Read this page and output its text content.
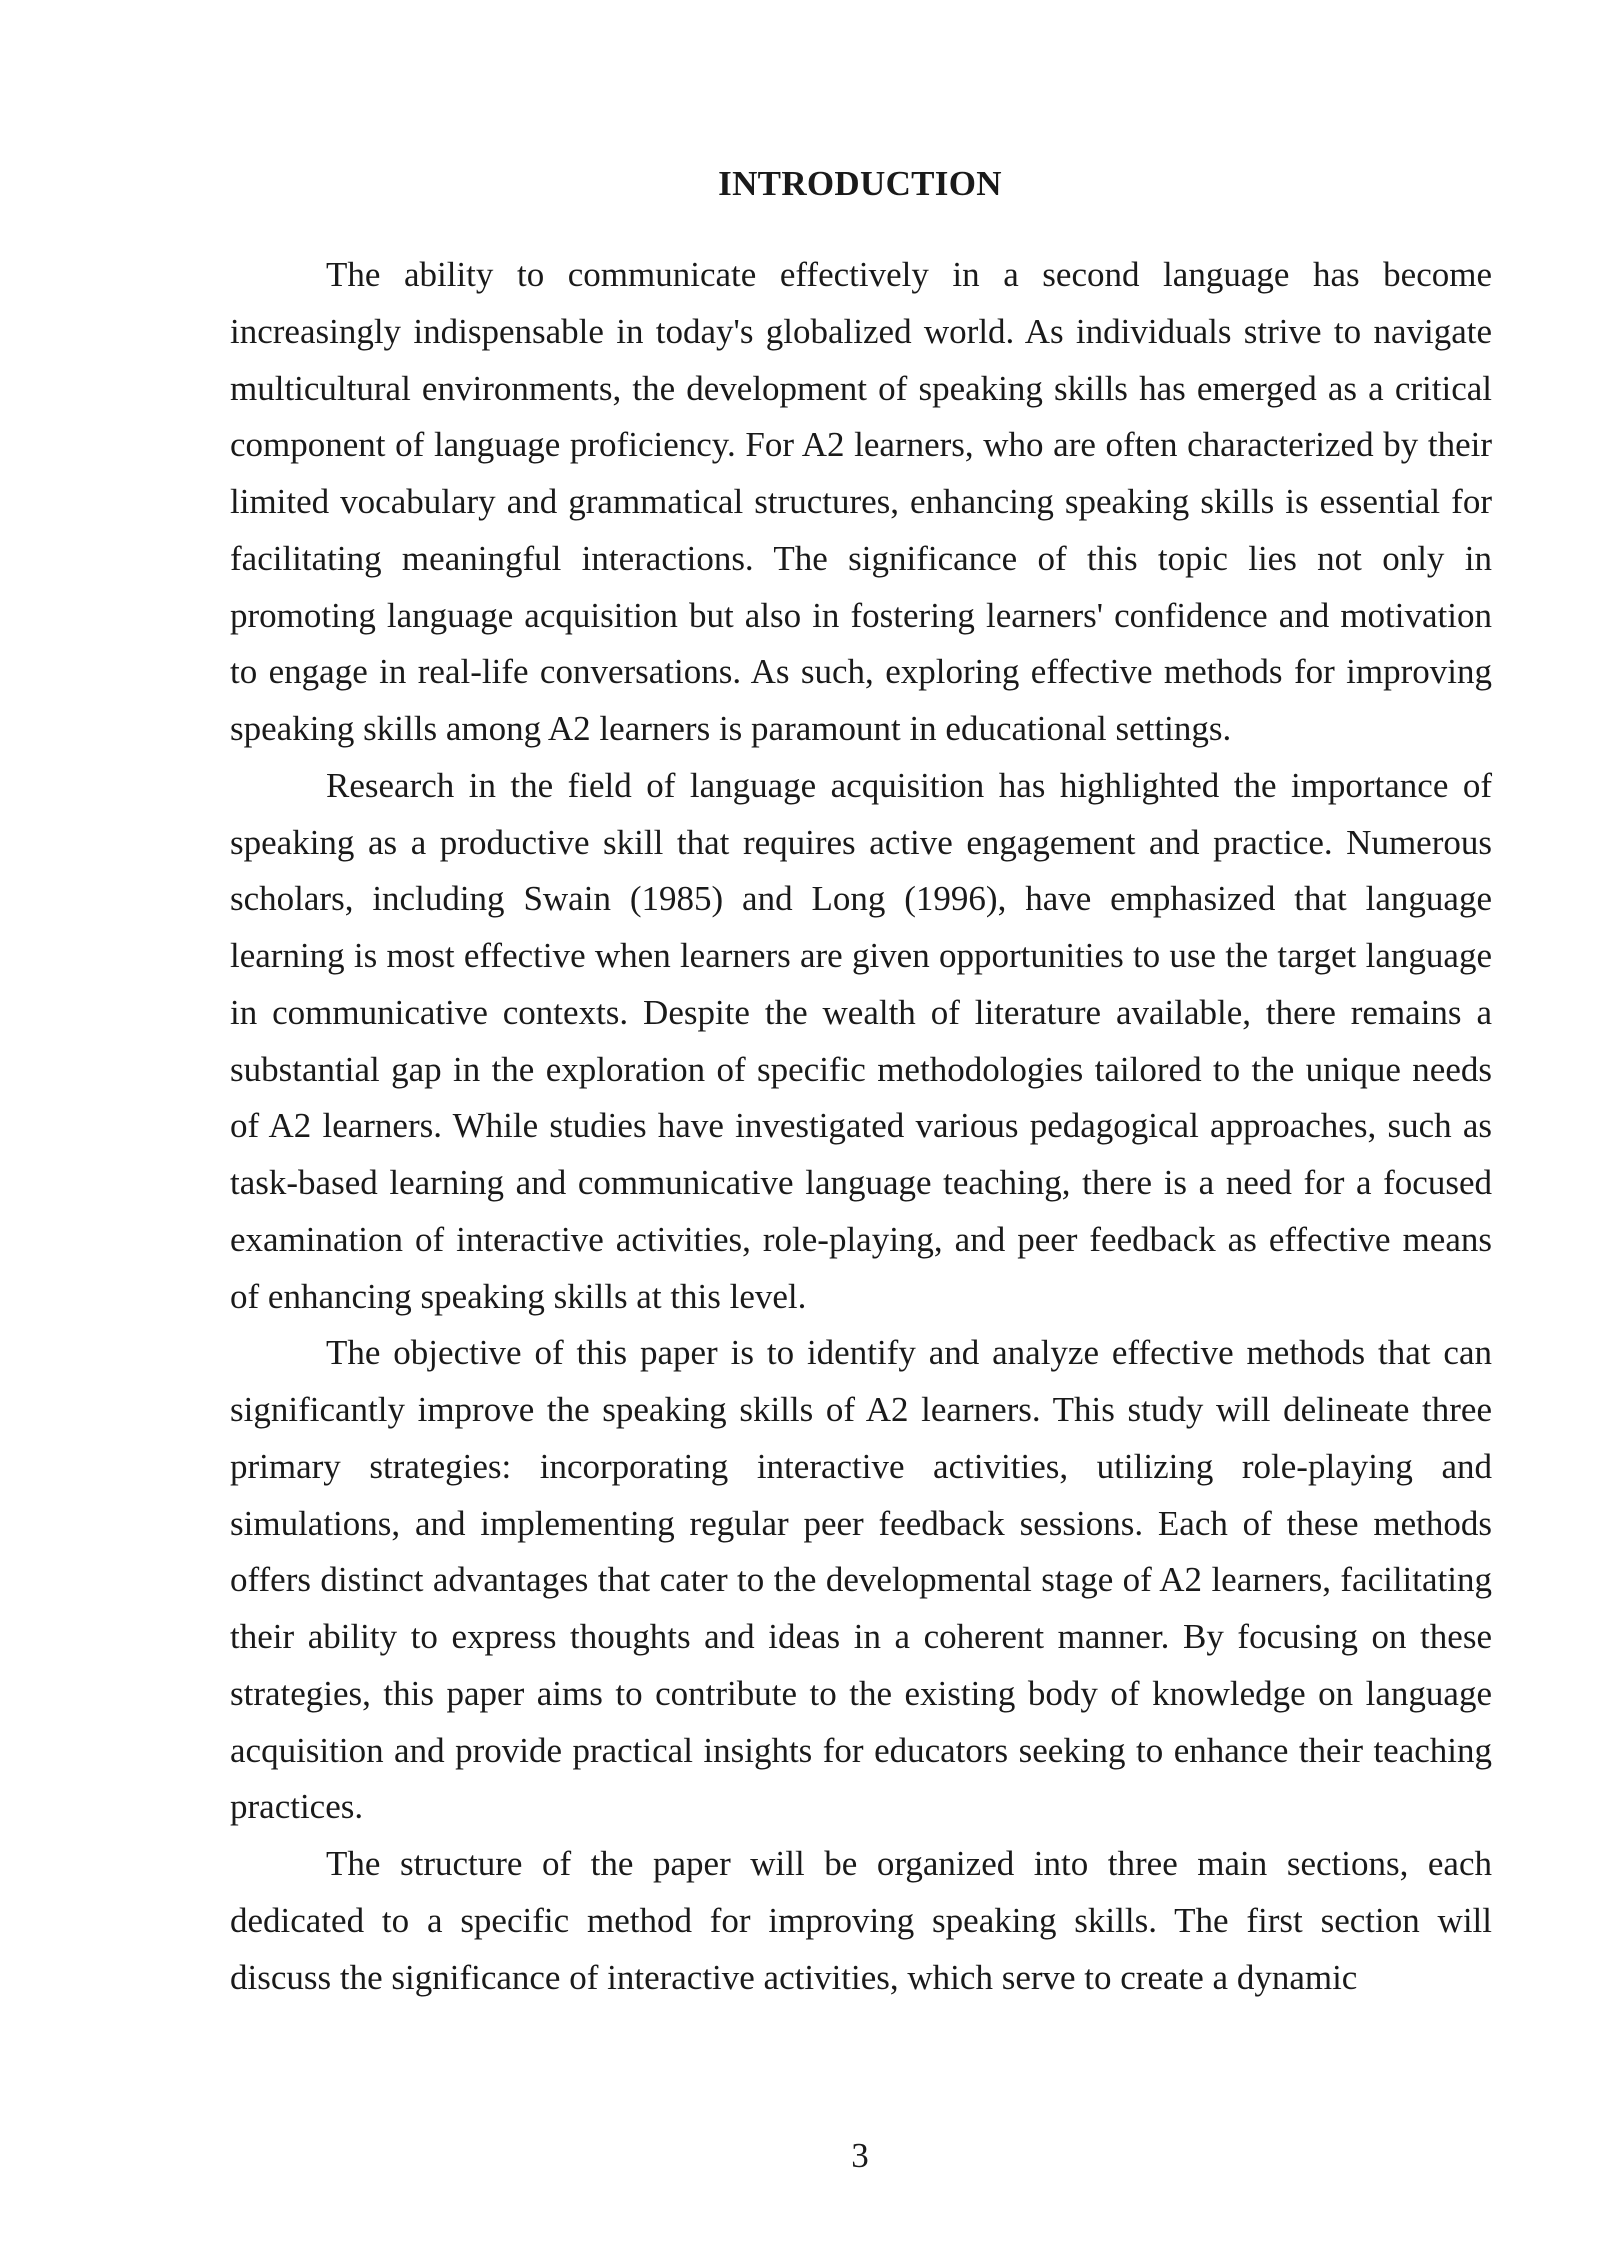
INTRODUCTION

The ability to communicate effectively in a second language has become increasingly indispensable in today's globalized world. As individuals strive to navigate multicultural environments, the development of speaking skills has emerged as a critical component of language proficiency. For A2 learners, who are often characterized by their limited vocabulary and grammatical structures, enhancing speaking skills is essential for facilitating meaningful interactions. The significance of this topic lies not only in promoting language acquisition but also in fostering learners' confidence and motivation to engage in real-life conversations. As such, exploring effective methods for improving speaking skills among A2 learners is paramount in educational settings.

Research in the field of language acquisition has highlighted the importance of speaking as a productive skill that requires active engagement and practice. Numerous scholars, including Swain (1985) and Long (1996), have emphasized that language learning is most effective when learners are given opportunities to use the target language in communicative contexts. Despite the wealth of literature available, there remains a substantial gap in the exploration of specific methodologies tailored to the unique needs of A2 learners. While studies have investigated various pedagogical approaches, such as task-based learning and communicative language teaching, there is a need for a focused examination of interactive activities, role-playing, and peer feedback as effective means of enhancing speaking skills at this level.

The objective of this paper is to identify and analyze effective methods that can significantly improve the speaking skills of A2 learners. This study will delineate three primary strategies: incorporating interactive activities, utilizing role-playing and simulations, and implementing regular peer feedback sessions. Each of these methods offers distinct advantages that cater to the developmental stage of A2 learners, facilitating their ability to express thoughts and ideas in a coherent manner. By focusing on these strategies, this paper aims to contribute to the existing body of knowledge on language acquisition and provide practical insights for educators seeking to enhance their teaching practices.

The structure of the paper will be organized into three main sections, each dedicated to a specific method for improving speaking skills. The first section will discuss the significance of interactive activities, which serve to create a dynamic

3
